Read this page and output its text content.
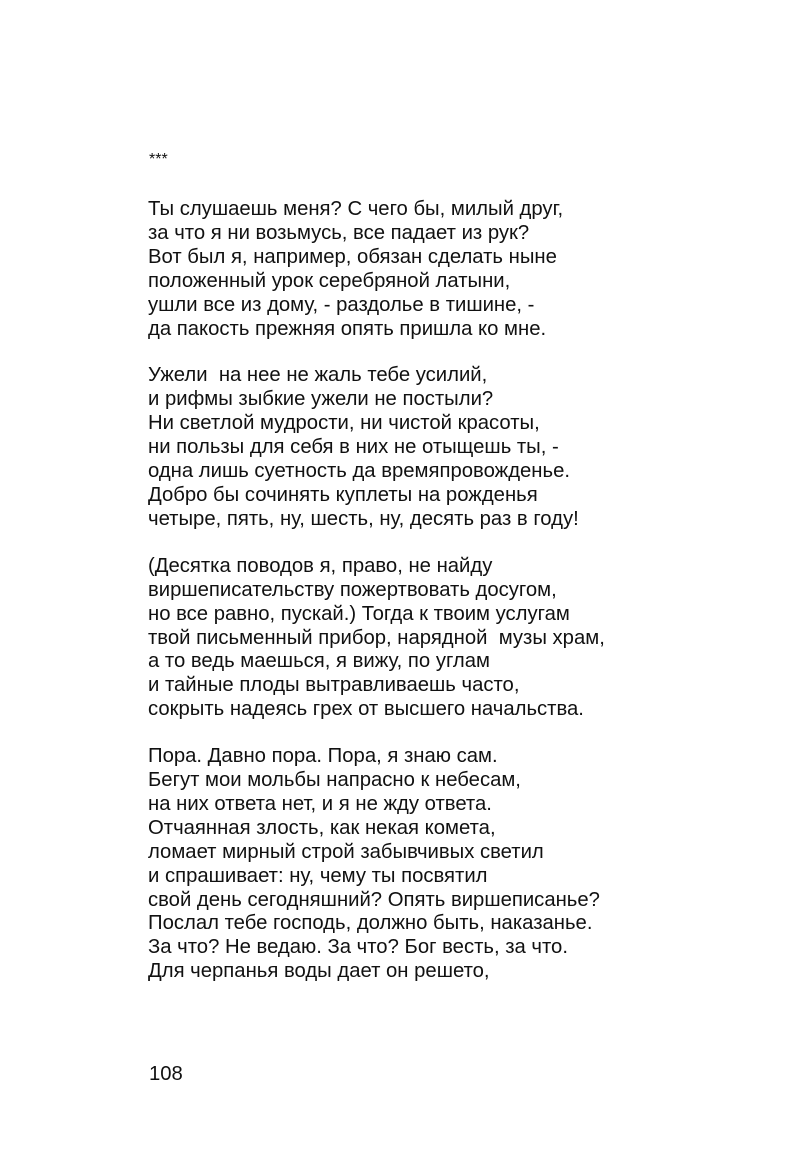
***
Ты слушаешь меня? С чего бы, милый друг,
за что я ни возьмусь, все падает из рук?
Вот был я, например, обязан сделать ныне
положенный урок серебряной латыни,
ушли все из дому, - раздолье в тишине, -
да пакость прежняя опять пришла ко мне.
Ужели  на нее не жаль тебе усилий,
и рифмы зыбкие ужели не постыли?
Ни светлой мудрости, ни чистой красоты,
ни пользы для себя в них не отыщешь ты, -
одна лишь суетность да времяпровожденье.
Добро бы сочинять куплеты на рожденья
четыре, пять, ну, шесть, ну, десять раз в году!
(Десятка поводов я, право, не найду
виршеписательству пожертвовать досугом,
но все равно, пускай.) Тогда к твоим услугам
твой письменный прибор, нарядной  музы храм,
а то ведь маешься, я вижу, по углам
и тайные плоды вытравливаешь часто,
сокрыть надеясь грех от высшего начальства.
Пора. Давно пора. Пора, я знаю сам.
Бегут мои мольбы напрасно к небесам,
на них ответа нет, и я не жду ответа.
Отчаянная злость, как некая комета,
ломает мирный строй забывчивых светил
и спрашивает: ну, чему ты посвятил
свой день сегодняшний? Опять виршеписанье?
Послал тебе господь, должно быть, наказанье.
За что? Не ведаю. За что? Бог весть, за что.
Для черпанья воды дает он решето,
108
